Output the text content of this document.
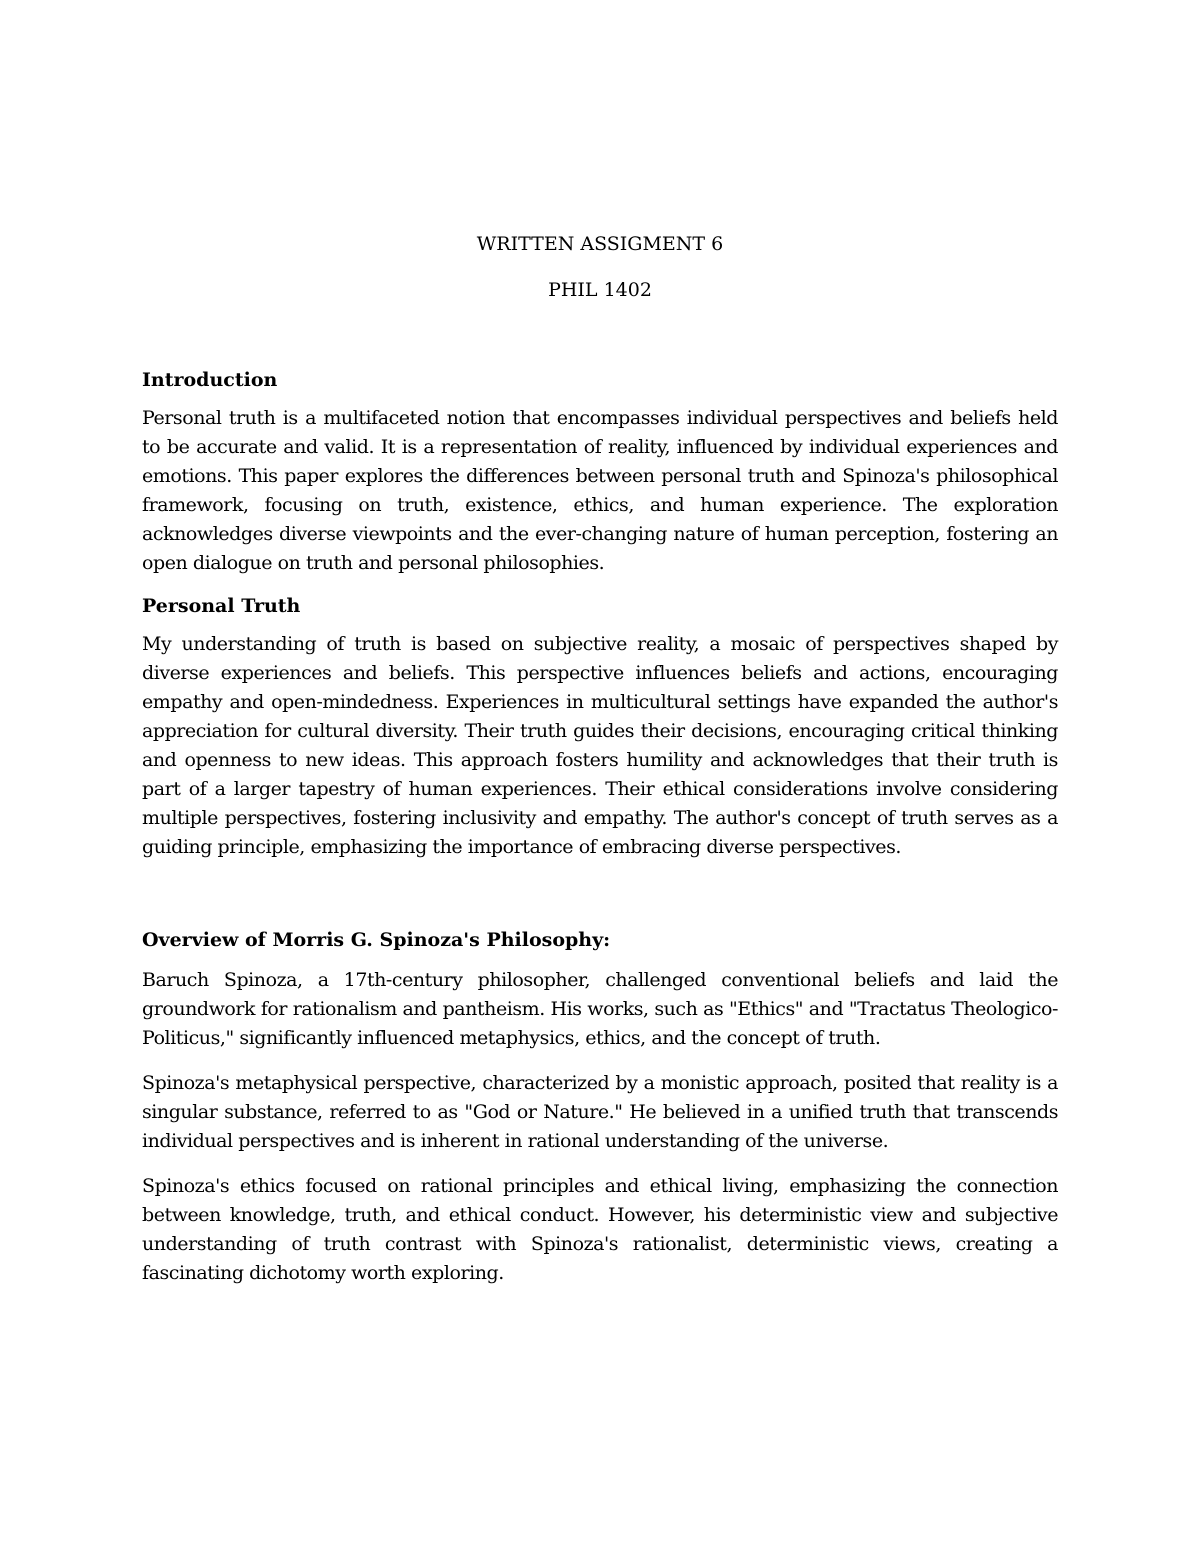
WRITTEN ASSIGMENT 6
PHIL 1402
Introduction

Personal truth is a multifaceted notion that encompasses individual perspectives and beliefs held to be accurate and valid. It is a representation of reality, influenced by individual experiences and emotions. This paper explores the differences between personal truth and Spinoza's philosophical framework, focusing on truth, existence, ethics, and human experience. The exploration acknowledges diverse viewpoints and the ever-changing nature of human perception, fostering an open dialogue on truth and personal philosophies.

Personal Truth

My understanding of truth is based on subjective reality, a mosaic of perspectives shaped by diverse experiences and beliefs. This perspective influences beliefs and actions, encouraging empathy and open-mindedness. Experiences in multicultural settings have expanded the author's appreciation for cultural diversity. Their truth guides their decisions, encouraging critical thinking and openness to new ideas. This approach fosters humility and acknowledges that their truth is part of a larger tapestry of human experiences. Their ethical considerations involve considering multiple perspectives, fostering inclusivity and empathy. The author's concept of truth serves as a guiding principle, emphasizing the importance of embracing diverse perspectives.

Overview of Morris G. Spinoza's Philosophy:

Baruch Spinoza, a 17th-century philosopher, challenged conventional beliefs and laid the groundwork for rationalism and pantheism. His works, such as "Ethics" and "Tractatus Theologico-Politicus," significantly influenced metaphysics, ethics, and the concept of truth.

Spinoza's metaphysical perspective, characterized by a monistic approach, posited that reality is a singular substance, referred to as "God or Nature." He believed in a unified truth that transcends individual perspectives and is inherent in rational understanding of the universe.

Spinoza's ethics focused on rational principles and ethical living, emphasizing the connection between knowledge, truth, and ethical conduct. However, his deterministic view and subjective understanding of truth contrast with Spinoza's rationalist, deterministic views, creating a fascinating dichotomy worth exploring.
